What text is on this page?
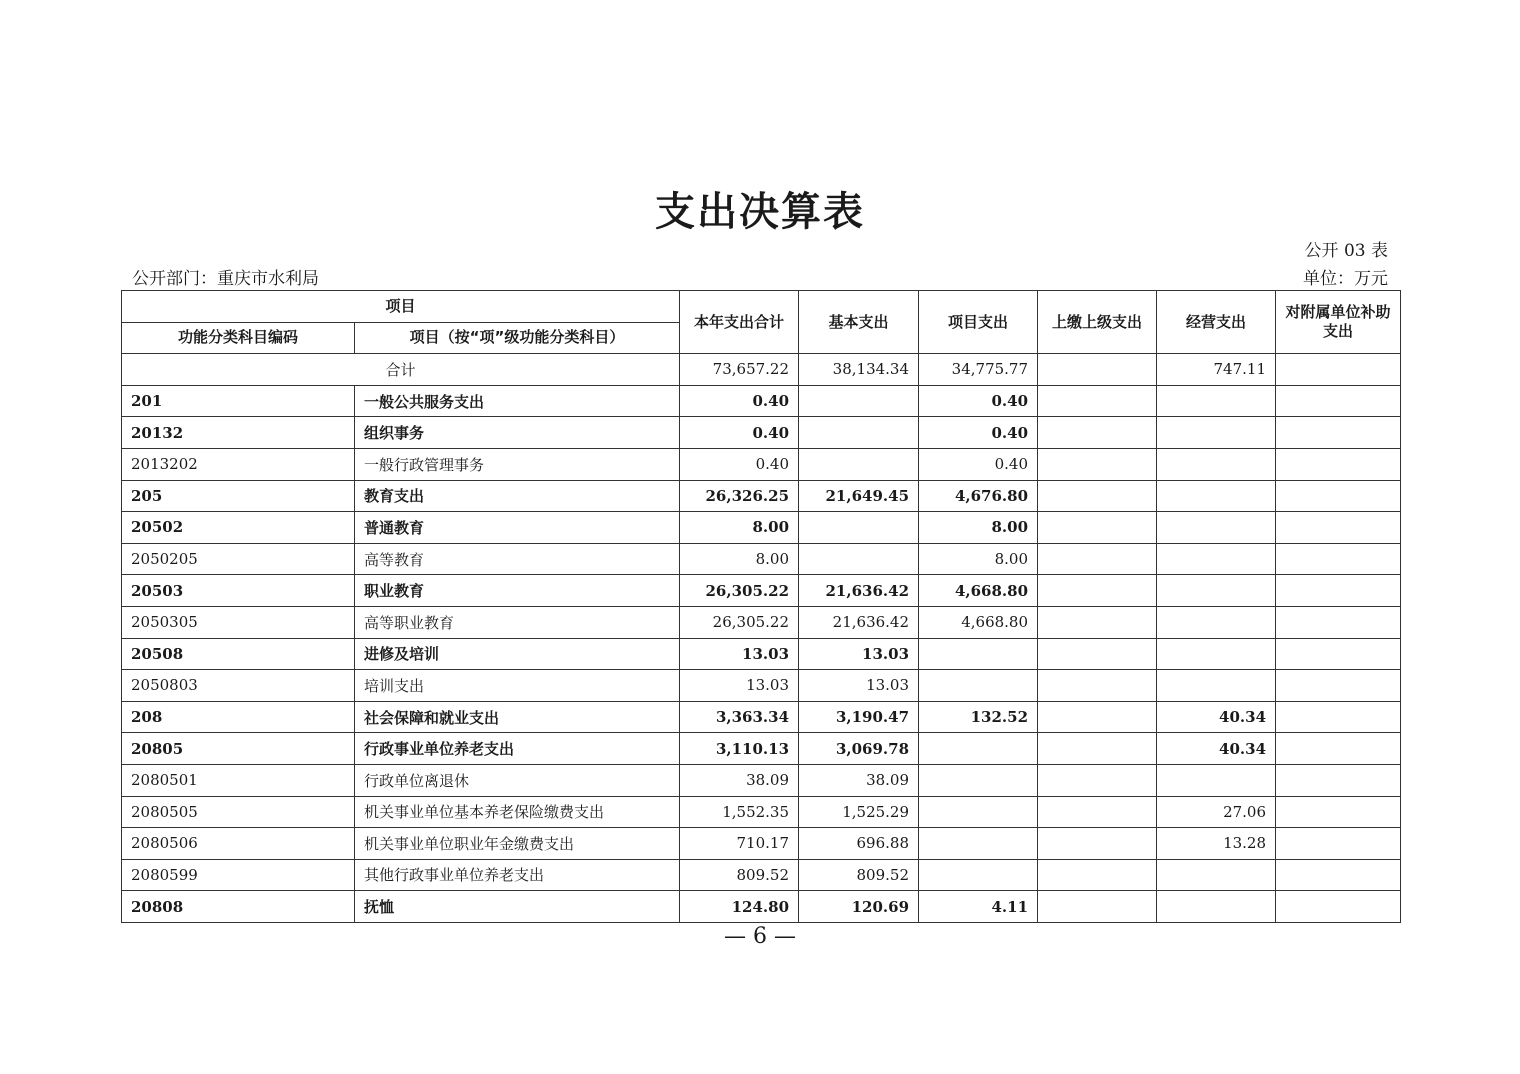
支出决算表
公开 03 表
公开部门：重庆市水利局	单位：万元
项目		本年支出合计	基本支出	项目支出	上缴上级支出	经营支出	对附属单位补助支出
功能分类科目编码	项目（按“项”级功能分类科目）						
合计		73,657.22	38,134.34	34,775.77		747.11	
201	一般公共服务支出	0.40		0.40			
20132	组织事务	0.40		0.40			
2013202	一般行政管理事务	0.40		0.40			
205	教育支出	26,326.25	21,649.45	4,676.80			
20502	普通教育	8.00		8.00			
2050205	高等教育	8.00		8.00			
20503	职业教育	26,305.22	21,636.42	4,668.80			
2050305	高等职业教育	26,305.22	21,636.42	4,668.80			
20508	进修及培训	13.03	13.03				
2050803	培训支出	13.03	13.03				
208	社会保障和就业支出	3,363.34	3,190.47	132.52		40.34	
20805	行政事业单位养老支出	3,110.13	3,069.78			40.34	
2080501	行政单位离退休	38.09	38.09				
2080505	机关事业单位基本养老保险缴费支出	1,552.35	1,525.29			27.06	
2080506	机关事业单位职业年金缴费支出	710.17	696.88			13.28	
2080599	其他行政事业单位养老支出	809.52	809.52				
20808	抚恤	124.80	120.69	4.11			
— 6 —
